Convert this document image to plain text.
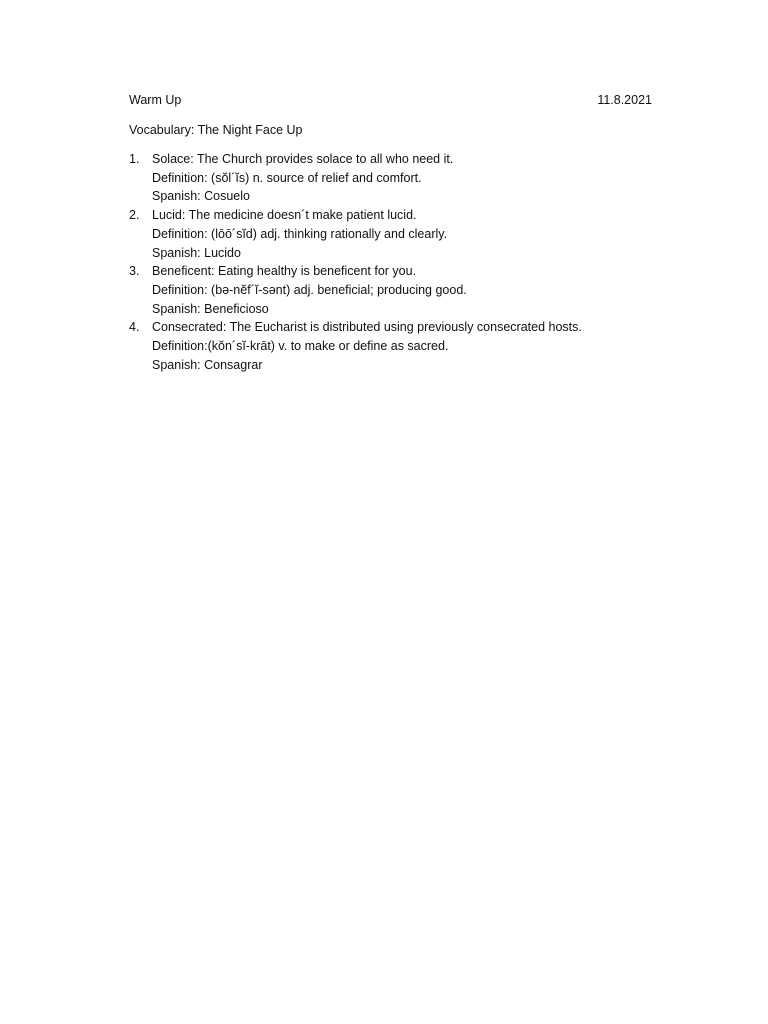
Warm Up	11.8.2021
Vocabulary: The Night Face Up
1.	Solace: The Church provides solace to all who need it.
Definition: (sŏl´ĭs) n. source of relief and comfort.
Spanish: Cosuelo
2.	Lucid: The medicine doesn´t make patient lucid.
Definition: (lōō´sĭd) adj. thinking rationally and clearly.
Spanish: Lucido
3.	Beneficent: Eating healthy is beneficent for you.
Definition: (bə-nĕf´ĭ-sənt) adj. beneficial; producing good.
Spanish: Beneficioso
4.	Consecrated: The Eucharist is distributed using previously consecrated hosts.
Definition:(kŏn´sĭ-krāt) v. to make or define as sacred.
Spanish: Consagrar
